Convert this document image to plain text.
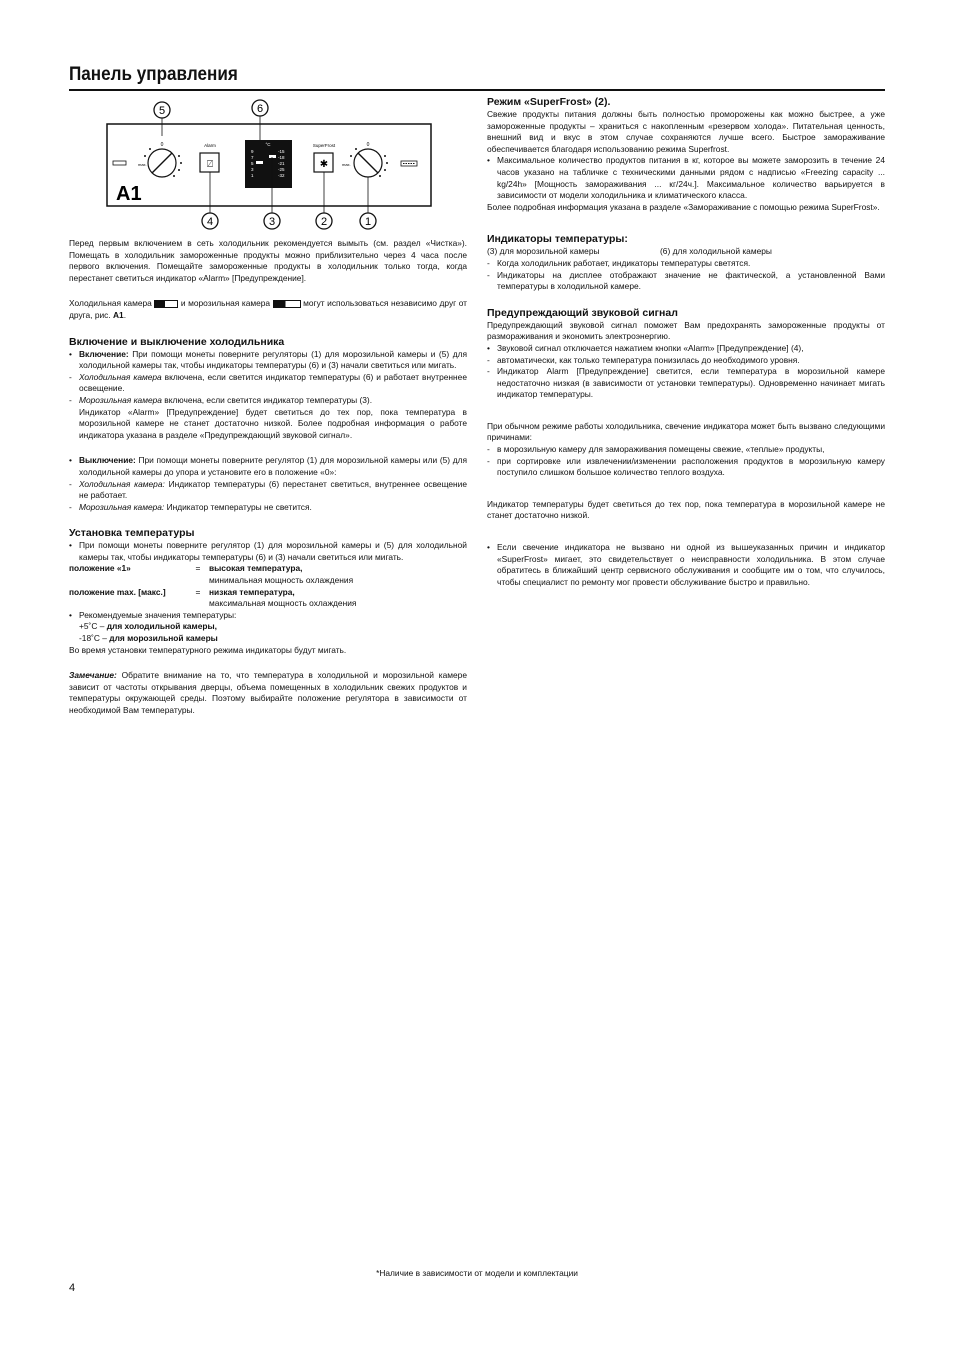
Панель управления
5	6
max.
0
A1
Alarm
⍁
°C
9
7
5
3
1
-15
-18
-21
-25
-32
SuperFrost
✱	max.
0
4	3	2	1

Перед первым включением в сеть холодильник рекомендуется вымыть (см. раздел «Чистка»). Помещать в холодильник замороженные продукты можно приблизительно через 4 часа после первого включения. Помещайте замороженные продукты в холодильник только тогда, когда перестанет светиться индикатор «Alarm» [Предупреждение].

Холодильная камера	и морозильная камера	могут использоваться независимо друг от друга, рис. A1.

Включение и выключение холодильника
• Включение: При помощи монеты поверните регуляторы (1) для морозильной камеры и (5) для холодильной камеры так, чтобы индикаторы температуры (6) и (3) начали светиться или мигать.
- Холодильная камера включена, если светится индикатор температуры (6) и работает внутреннее освещение.
- Морозильная камера включена, если светится индикатор температуры (3).

Индикатор «Alarm» [Предупреждение] будет светиться до тех пор, пока температура в морозильной камере не станет достаточно низкой. Более подробная информация о работе индикатора указана в разделе «Предупреждающий звуковой сигнал».

• Выключение: При помощи монеты поверните регулятор (1) для морозильной камеры или (5) для холодильной камеры до упора и установите его в положение «0»:
- Холодильная камера: Индикатор температуры (6) перестанет светиться, внутреннее освещение не работает.
- Морозильная камера: Индикатор температуры не светится.
Установка температуры
• При помощи монеты поверните регулятор (1) для морозильной камеры и (5) для холодильной камеры так, чтобы индикаторы температуры (6) и (3) начали светиться или мигать.
положение «1»	=	высокая температура,

минимальная мощность охлаждения

положение max. [макс.]	=	низкая температура,

максимальная мощность охлаждения

• Рекомендуемые значения температуры:

+5˚C – для холодильной камеры,

-18˚C – для морозильной камеры

Во время установки температурного режима индикаторы будут мигать.

Замечание: Обратите внимание на то, что температура в холодильной и морозильной камере зависит от частоты открывания дверцы, объема помещенных в холодильник свежих продуктов и температуры окружающей среды. Поэтому выбирайте положение регулятора в зависимости от необходимой Вам температуры.

Режим «SuperFrost» (2).

Свежие продукты питания должны быть полностью проморожены как можно быстрее, а уже замороженные продукты – храниться с накопленным «резервом холода». Питательная ценность, внешний вид и вкус в этом случае сохраняются лучше всего. Быстрое замораживание обеспечивается благодаря использованию режима Superfrost.

• Максимальное количество продуктов питания в кг, которое вы можете заморозить в течение 24 часов указано на табличке с техническими данными рядом с надписью «Freezing capacity ... kg/24h» [Мощность замораживания ... кг/24ч.]. Максимальное количество варьируется в зависимости от модели холодильника и климатического класса.

Более подробная информация указана в разделе «Замораживание с помощью режима SuperFrost».

Индикаторы температуры:
(3) для морозильной камеры	(6) для холодильной камеры
- Когда холодильник работает, индикаторы температуры светятся.
- Индикаторы на дисплее отображают значение не фактической, а установленной Вами температуры в холодильной камере.
Предупреждающий звуковой сигнал

Предупреждающий звуковой сигнал поможет Вам предохранять замороженные продукты от размораживания и экономить электроэнергию.

• Звуковой сигнал отключается нажатием кнопки «Alarm» [Предупреждение] (4),
- автоматически, как только температура понизилась до необходимого уровня.
- Индикатор Alarm [Предупреждение] светится, если температура в морозильной камере недостаточно низкая (в зависимости от установки температуры). Одновременно начинает мигать индикатор температуры.

При обычном режиме работы холодильника, свечение индикатора может быть вызвано следующими причинами:

- в морозильную камеру для замораживания помещены свежие, «теплые» продукты,
- при сортировке или извлечении/изменении расположения продуктов в морозильную камеру поступило слишком большое количество теплого воздуха.

Индикатор температуры будет светиться до тех пор, пока температура в морозильной камере не станет достаточно низкой.

• Если свечение индикатора не вызвано ни одной из вышеуказанных причин и индикатор «SuperFrost» мигает, это свидетельствует о неисправности холодильника. В этом случае обратитесь в ближайший центр сервисного обслуживания и сообщите им о том, что случилось, чтобы специалист по ремонту мог провести обслуживание быстро и правильно.
*Наличие в зависимости от модели и комплектации
4
